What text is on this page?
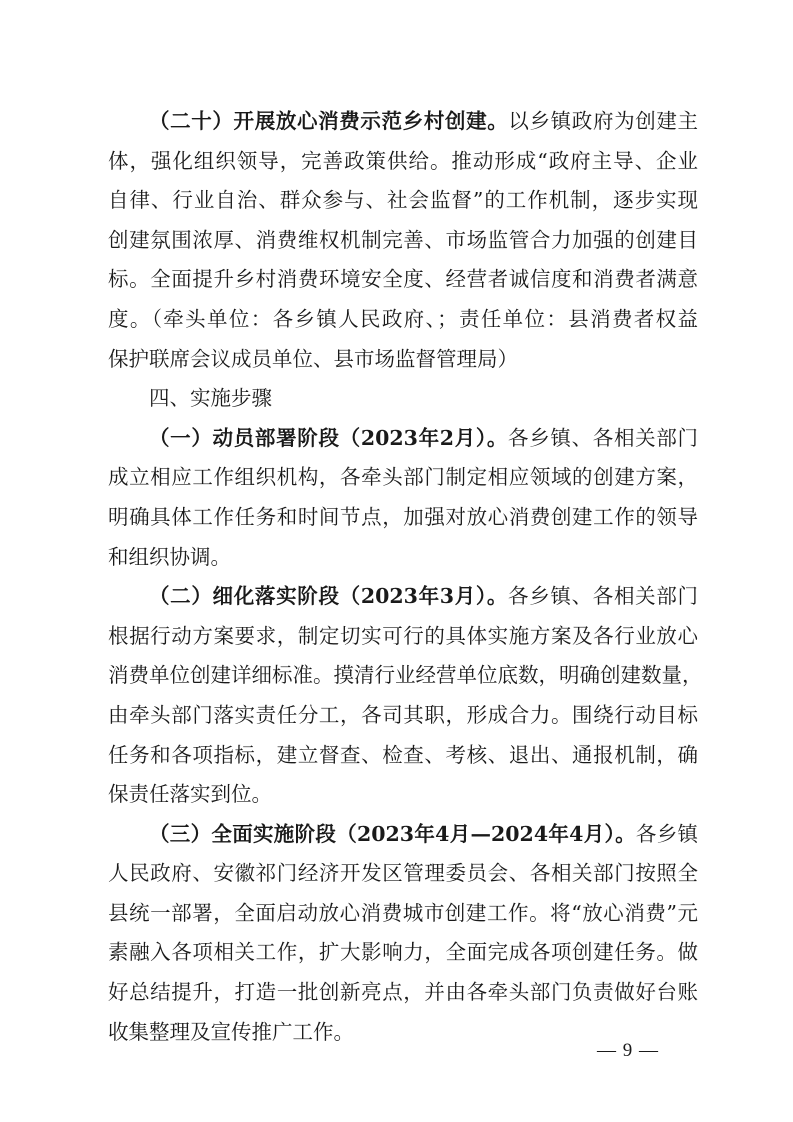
（二十）开展放心消费示范乡村创建。以乡镇政府为创建主
体，强化组织领导，完善政策供给。推动形成“政府主导、企业
自律、行业自治、群众参与、社会监督”的工作机制，逐步实现
创建氛围浓厚、消费维权机制完善、市场监管合力加强的创建目
标。全面提升乡村消费环境安全度、经营者诚信度和消费者满意
度。（牵头单位：各乡镇人民政府、；责任单位：县消费者权益
保护联席会议成员单位、县市场监督管理局）
四、实施步骤
（一）动员部署阶段（2023年2月）。各乡镇、各相关部门
成立相应工作组织机构，各牵头部门制定相应领域的创建方案，
明确具体工作任务和时间节点，加强对放心消费创建工作的领导
和组织协调。
（二）细化落实阶段（2023年3月）。各乡镇、各相关部门
根据行动方案要求，制定切实可行的具体实施方案及各行业放心
消费单位创建详细标准。摸清行业经营单位底数，明确创建数量，
由牵头部门落实责任分工，各司其职，形成合力。围绕行动目标
任务和各项指标，建立督查、检查、考核、退出、通报机制，确
保责任落实到位。
（三）全面实施阶段（2023年4月—2024年4月）。各乡镇
人民政府、安徽祁门经济开发区管理委员会、各相关部门按照全
县统一部署，全面启动放心消费城市创建工作。将“放心消费”元
素融入各项相关工作，扩大影响力，全面完成各项创建任务。做
好总结提升，打造一批创新亮点，并由各牵头部门负责做好台账
收集整理及宣传推广工作。
— 9 —
